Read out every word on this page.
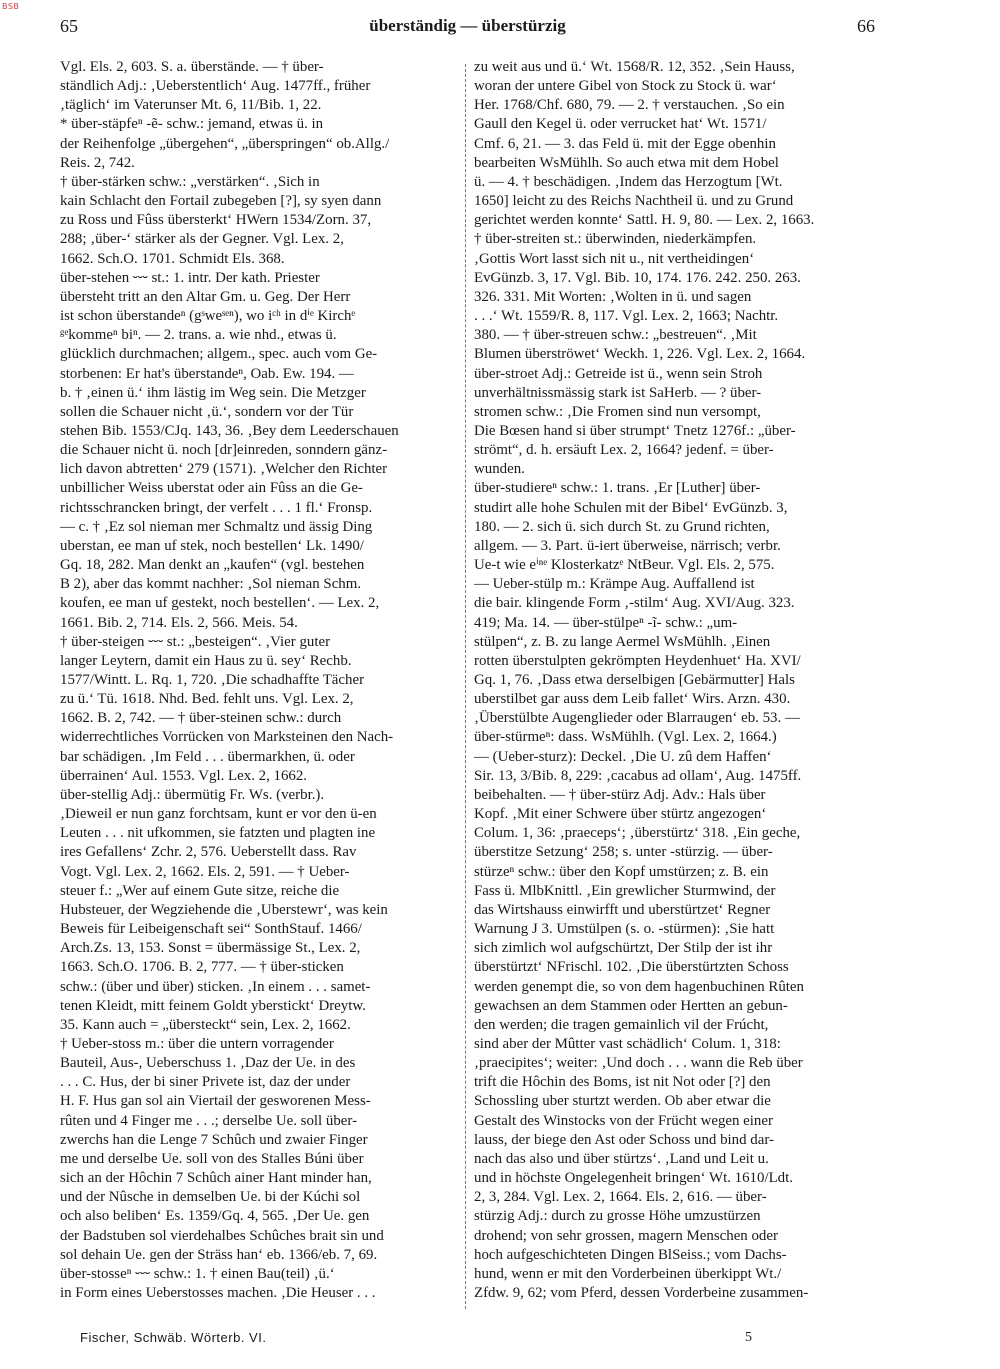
BSB
65	überständig — überstürzig	66

Vgl. Els. 2, 603. S. a. überstände. — † über-

ständlich Adj.: ‚Ueberstentlich‘ Aug. 1477ff., früher

‚täglich‘ im Vaterunser Mt. 6, 11/Bib. 1, 22.

* über-stäpfeⁿ -ẽ- schw.: jemand, etwas ü. in

der Reihenfolge „übergehen“, „überspringen“ ob.Allg./

Reis. 2, 742.

† über-stärken schw.: „verstärken“. ‚Sich in

kain Schlacht den Fortail zubegeben [?], sy syen dann

zu Ross und Fûss übersterkt‘ HWern 1534/Zorn. 37,

288; ‚über-‘ stärker als der Gegner. Vgl. Lex. 2,

1662. Sch.O. 1701. Schmidt Els. 368.

über-stehen ⏑⏑⏑ st.: 1. intr. Der kath. Priester

übersteht tritt an den Altar Gm. u. Geg. Der Herr

ist schon überstandeⁿ (gˢweˢᵉⁿ), wo iᶜʰ in dⁱᵉ Kirchᵉ

ᵍᵉkommeⁿ biⁿ. — 2. trans. a. wie nhd., etwas ü.

glücklich durchmachen; allgem., spec. auch vom Ge-

storbenen: Er hat's überstandeⁿ, Oab. Ew. 194. —

b. † ‚einen ü.‘ ihm lästig im Weg sein. Die Metzger

sollen die Schauer nicht ‚ü.‘, sondern vor der Tür

stehen Bib. 1553/CJq. 143, 36. ‚Bey dem Leederschauen

die Schauer nicht ü. noch [dr]einreden, sonndern gänz-

lich davon abtretten‘ 279 (1571). ‚Welcher den Richter

unbillicher Weiss uberstat oder ain Fûss an die Ge-

richtsschrancken bringt, der verfelt . . . 1 fl.‘ Fronsp.

— c. † ‚Ez sol nieman mer Schmaltz und ässig Ding

uberstan, ee man uf stek, noch bestellen‘ Lk. 1490/

Gq. 18, 282. Man denkt an „kaufen“ (vgl. bestehen

B 2), aber das kommt nachher: ‚Sol nieman Schm.

koufen, ee man uf gestekt, noch bestellen‘. — Lex. 2,

1661. Bib. 2, 714. Els. 2, 566. Meis. 54.

† über-steigen ⏑⏑⏑ st.: „besteigen“. ‚Vier guter

langer Leytern, damit ein Haus zu ü. sey‘ Rechb.

1577/Wintt. L. Rq. 1, 720. ‚Die schadhaffte Tächer

zu ü.‘ Tü. 1618. Nhd. Bed. fehlt uns. Vgl. Lex. 2,

1662. B. 2, 742. — † über-steinen schw.: durch

widerrechtliches Vorrücken von Marksteinen den Nach-

bar schädigen. ‚Im Feld . . . übermarkhen, ü. oder

überrainen‘ Aul. 1553. Vgl. Lex. 2, 1662.

über-stellig Adj.: übermütig Fr. Ws. (verbr.).

‚Dieweil er nun ganz forchtsam, kunt er vor den ü-en

Leuten . . . nit ufkommen, sie fatzten und plagten ine

ires Gefallens‘ Zchr. 2, 576. Ueberstellt dass. Rav

Vogt. Vgl. Lex. 2, 1662. Els. 2, 591. — † Ueber-

steuer f.: „Wer auf einem Gute sitze, reiche die

Hubsteuer, der Wegziehende die ‚Uberstewr‘, was kein

Beweis für Leibeigenschaft sei“ SonthStauf. 1466/

Arch.Zs. 13, 153. Sonst = übermässige St., Lex. 2,

1663. Sch.O. 1706. B. 2, 777. — † über-sticken

schw.: (über und über) sticken. ‚In einem . . . samet-

tenen Kleidt, mitt feinem Goldt yberstickt‘ Dreytw.

35. Kann auch = „übersteckt“ sein, Lex. 2, 1662.

† Ueber-stoss m.: über die untern vorragender

Bauteil, Aus-, Ueberschuss 1. ‚Daz der Ue. in des

. . . C. Hus, der bi siner Privete ist, daz der under

H. F. Hus gan sol ain Viertail der gesworenen Mess-

rûten und 4 Finger me . . .; derselbe Ue. soll über-

zwerchs han die Lenge 7 Schûch und zwaier Finger

me und derselbe Ue. soll von des Stalles Búni über

sich an der Hôchin 7 Schûch ainer Hant minder han,

und der Nûsche in demselben Ue. bi der Kúchi sol

och also beliben‘ Es. 1359/Gq. 4, 565. ‚Der Ue. gen

der Badstuben sol vierdehalbes Schûches brait sin und

sol dehain Ue. gen der Sträss han‘ eb. 1366/eb. 7, 69.

über-stosseⁿ ⏑⏑⏑ schw.: 1. † einen Bau(teil) ‚ü.‘

in Form eines Ueberstosses machen. ‚Die Heuser . . .

zu weit aus und ü.‘ Wt. 1568/R. 12, 352. ‚Sein Hauss,

woran der untere Gibel von Stock zu Stock ü. war‘

Her. 1768/Chf. 680, 79. — 2. † verstauchen. ‚So ein

Gaull den Kegel ü. oder verrucket hat‘ Wt. 1571/

Cmf. 6, 21. — 3. das Feld ü. mit der Egge obenhin

bearbeiten WsMühlh. So auch etwa mit dem Hobel

ü. — 4. † beschädigen. ‚Indem das Herzogtum [Wt.

1650] leicht zu des Reichs Nachtheil ü. und zu Grund

gerichtet werden konnte‘ Sattl. H. 9, 80. — Lex. 2, 1663.

† über-streiten st.: überwinden, niederkämpfen.

‚Gottis Wort lasst sich nit u., nit vertheidingen‘

EvGünzb. 3, 17. Vgl. Bib. 10, 174. 176. 242. 250. 263.

326. 331. Mit Worten: ‚Wolten in ü. und sagen

. . .‘ Wt. 1559/R. 8, 117. Vgl. Lex. 2, 1663; Nachtr.

380. — † über-streuen schw.: „bestreuen“. ‚Mit

Blumen überströwet‘ Weckh. 1, 226. Vgl. Lex. 2, 1664.

über-stroet Adj.: Getreide ist ü., wenn sein Stroh

unverhältnissmässig stark ist SaHerb. — ? über-

stromen schw.: ‚Die Fromen sind nun versompt,

Die Bœsen hand si über strumpt‘ Tnetz 1276f.: „über-

strömt“, d. h. ersäuft Lex. 2, 1664? jedenf. = über-

wunden.

über-studiereⁿ schw.: 1. trans. ‚Er [Luther] über-

studirt alle hohe Schulen mit der Bibel‘ EvGünzb. 3,

180. — 2. sich ü. sich durch St. zu Grund richten,

allgem. — 3. Part. ü-iert überweise, närrisch; verbr.

Ue-t wie eⁱⁿᵉ Klosterkatzᵉ NtBeur. Vgl. Els. 2, 575.

— Ueber-stülp m.: Krämpe Aug. Auffallend ist

die bair. klingende Form ‚-stilm‘ Aug. XVI/Aug. 323.

419; Ma. 14. — über-stülpeⁿ -ĩ- schw.: „um-

stülpen“, z. B. zu lange Aermel WsMühlh. ‚Einen

rotten überstulpten gekrömpten Heydenhuet‘ Ha. XVI/

Gq. 1, 76. ‚Dass etwa derselbigen [Gebärmutter] Hals

uberstilbet gar auss dem Leib fallet‘ Wirs. Arzn. 430.

‚Überstülbte Augenglieder oder Blarraugen‘ eb. 53. —

über-stürmeⁿ: dass. WsMühlh. (Vgl. Lex. 2, 1664.)

— (Ueber-sturz): Deckel. ‚Die U. zû dem Haffen‘

Sir. 13, 3/Bib. 8, 229: ‚cacabus ad ollam‘, Aug. 1475ff.

beibehalten. — † über-stürz Adj. Adv.: Hals über

Kopf. ‚Mit einer Schwere über stürtz angezogen‘

Colum. 1, 36: ‚praeceps‘; ‚überstürtz‘ 318. ‚Ein geche,

überstitze Setzung‘ 258; s. unter -stürzig. — über-

stürzeⁿ schw.: über den Kopf umstürzen; z. B. ein

Fass ü. MlbKnittl. ‚Ein grewlicher Sturmwind, der

das Wirtshauss einwirfft und uberstürtzet‘ Regner

Warnung J 3. Umstülpen (s. o. -stürmen): ‚Sie hatt

sich zimlich wol aufgschürtzt, Der Stilp der ist ihr

überstürtzt‘ NFrischl. 102. ‚Die überstürtzten Schoss

werden genempt die, so von dem hagenbuchinen Rûten

gewachsen an dem Stammen oder Hertten an gebun-

den werden; die tragen gemainlich vil der Frúcht,

sind aber der Mûtter vast schädlich‘ Colum. 1, 318:

‚praecipites‘; weiter: ‚Und doch . . . wann die Reb über

trift die Hôchin des Boms, ist nit Not oder [?] den

Schossling uber sturtzt werden. Ob aber etwar die

Gestalt des Winstocks von der Frücht wegen einer

lauss, der biege den Ast oder Schoss und bind dar-

nach das also und über stürtzs‘. ‚Land und Leit u.

und in höchste Ongelegenheit bringen‘ Wt. 1610/Ldt.

2, 3, 284. Vgl. Lex. 2, 1664. Els. 2, 616. — über-

stürzig Adj.: durch zu grosse Höhe umzustürzen

drohend; von sehr grossen, magern Menschen oder

hoch aufgeschichteten Dingen BlSeiss.; vom Dachs-

hund, wenn er mit den Vorderbeinen überkippt Wt./

Zfdw. 9, 62; vom Pferd, dessen Vorderbeine zusammen-

Fischer, Schwäb. Wörterb. VI.	5
